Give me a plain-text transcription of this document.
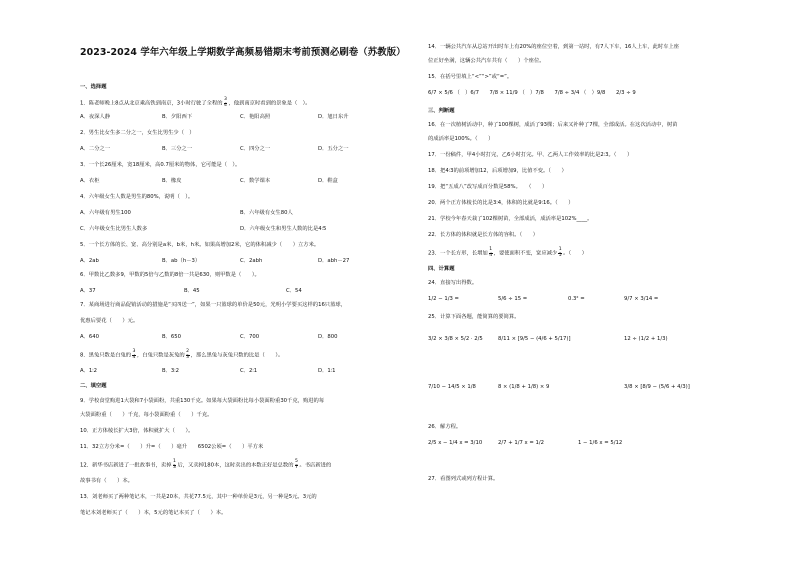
2023-2024 学年六年级上学期数学高频易错期末考前预测必刷卷（苏教版）
一、选择题
1．陈老师晚上8点从北京乘高铁到南京，3小时行驶了全程的 $\frac{3}{4}$ ，他到南京时看到的景象是（　）。
A．夜深人静	B．夕阳西下	C．艳阳高照	D．旭日东升
2．男生比女生多二分之一，女生比男生少（　）
A．二分之一	B．三分之一	C．四分之一	D．五分之一
3．一个长26厘米，宽18厘米，高0.7厘米的物体，它可能是（　）。
A．衣柜	B．橡皮	C．数学课本	D．鞋盒
4．六年级女生人数是男生的80%，说明（　）。
A．六年级有男生100	B．六年级有女生80人
C．六年级女生比男生人数多	D．六年级女生和男生人数的比是4∶5
5．一个长方体的长、宽、高分别是a米，b米，h米。如果高增加2米，它的体积减少（　　）立方米。
A．2ab	B．ab（h－3）	C．2abh	D．abh－27
6．甲数比乙数多9，甲数的5倍与乙数的8倍一共是630，则甲数是（　　）。
A．37	B．45	C．54
7．某商场进行商品促销活动的措施是“买四送一”，如果一只篮球的单价是50元，光明小学要买这样的16只篮球，
优惠后要花（　　）元。
A．640	B．650	C．700	D．800
8．黑兔只数是白兔的 $\frac{3}{4}$ ，白兔只数是灰兔的 $\frac{2}{3}$ ，那么黑兔与灰兔只数的比是（　　）。
A．1∶2	B．3∶2	C．2∶1	D．1∶1
二、填空题
9．学校食堂购进1大袋和7小袋面粉，共重130千克。如果每大袋面粉比每小袋面粉重30千克，购进的每
大袋面粉重（　　）千克，每小袋面粉重（　　）千克。
10．正方体棱长扩大3倍，体积就扩大（　　）。
11．32立方分米=（　　）升=（　　）毫升　　6502公顷=（　　）平方米
12．新华书店新进了一批故事书，卖掉 $\frac{1}{3}$ 后，又卖掉180本，这时卖出的本数正好是总数的 $\frac{5}{7}$ 。书店新进的
故事书有（　　）本。
13．刘老师买了两种笔记本，一共是20本，共花77.5元，其中一种单价是3元，另一种是5元。3元的
笔记本刘老师买了（　　）本，5元的笔记本买了（　　）本。
14．一辆公共汽车从总站开出时车上有20%的座位空着，到第一站时，有7人下车，16人上车，此时车上座
位正好坐满，这辆公共汽车共有（　　）个座位。
15．在括号里填上“<”“>”或“=”。
6/7 × 5/6 （　）6/7　　7/8 × 11/9 （　）7/8　　7/8 ÷ 3/4 （　）9/8　　2/3 ÷ 9
三、判断题
16．在一次植树活动中，种了100棵树，成活了93棵；后来又补种了7棵，全部成活。在这次活动中，树苗
的成活率是100%。（　　）
17．一份稿件，甲4小时打完，乙6小时打完。甲、乙两人工作效率的比是2∶3。（　　）
18．把4∶3的前项增加12，后项增加9，比值不变。（　　）
19．把“五成八”改写成百分数是58%。　　（　　）
20．两个正方体棱长的比是3∶4，体积的比就是9∶16。（　　）
21．学校今年春天栽了102棵树苗，全部成活，成活率是102%____。
22．长方体的体积就是长方体的容积。（　　）
23．一个长方形，长增加 $\frac{1}{4}$ ，要使面积不变，宽应减少 $\frac{1}{5}$ 。（　　）
四、计算题
24．直接写出得数。
1/2 − 1/3 =	5/6 ÷ 15 =	0.3² =	9/7 × 3/14 =
25．计算下面各题，能简算的要简算。
3/2 × 3/8 × 5/2 · 2/5	8/11 × [9/5 − (4/6 + 5/17)]	12 ÷ (1/2 + 1/3)
7/10 − 14/5 × 1/8	8 × (1/8 + 1/8) × 9	3/8 × [8/9 − (5/6 + 4/3)]
26．解方程。
2/5 x − 1/4 x = 3/10	2/7 + 1/7 x = 1/2	1 − 1/6 x = 5/12
27．看图列式或列方程计算。
